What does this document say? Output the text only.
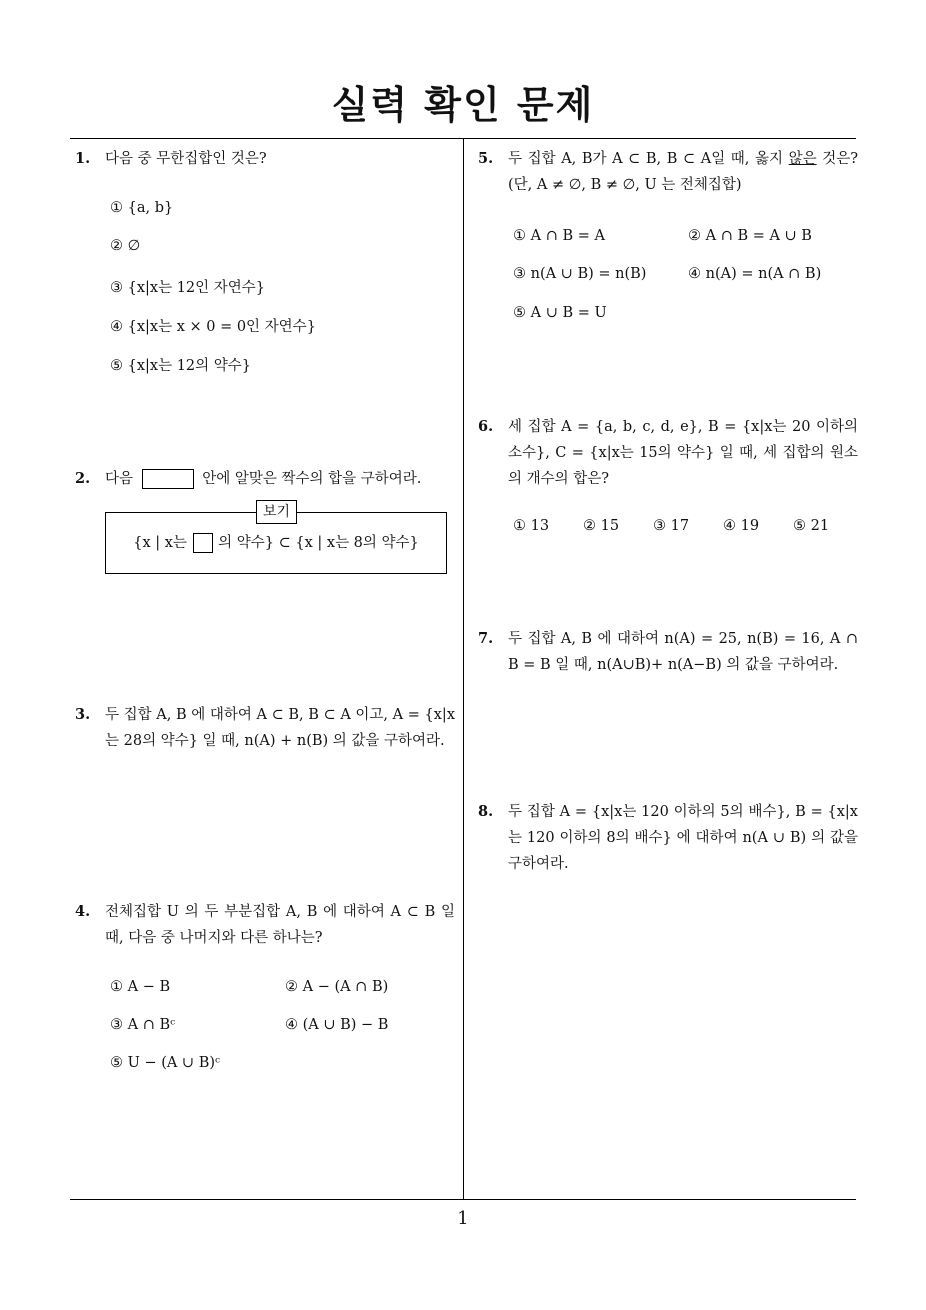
실력 확인 문제
1. 다음 중 무한집합인 것은?
① {a, b}
② ∅
③ {x|x는 12인 자연수}
④ {x|x는 x × 0 = 0인 자연수}
⑤ {x|x는 12의 약수}
2. 다음	안에 알맞은 짝수의 합을 구하여라.
보기
{x | x는 의 약수} ⊂ {x | x는 8의 약수}
3. 두 집합 A, B 에 대하여 A ⊂ B, B ⊂ A 이고, A = {x|x는 28의 약수} 일 때, n(A) + n(B) 의 값을 구하여라.
4. 전체집합 U 의 두 부분집합 A, B 에 대하여 A ⊂ B 일 때, 다음 중 나머지와 다른 하나는?
① A − B	② A − (A ∩ B)
③ A ∩ Bᶜ	④ (A ∪ B) − B
⑤ U − (A ∪ B)ᶜ
5. 두 집합 A, B가 A ⊂ B, B ⊂ A일 때, 옳지 않은 것은? (단, A ≠ ∅, B ≠ ∅, U 는 전체집합)
① A ∩ B = A	② A ∩ B = A ∪ B
③ n(A ∪ B) = n(B)	④ n(A) = n(A ∩ B)
⑤ A ∪ B = U
6. 세 집합 A = {a, b, c, d, e}, B = {x|x는 20 이하의 소수}, C = {x|x는 15의 약수} 일 때, 세 집합의 원소의 개수의 합은?
① 13 ② 15 ③ 17 ④ 19 ⑤ 21
7. 두 집합 A, B 에 대하여 n(A) = 25, n(B) = 16, A ∩ B = B 일 때, n(A∪B)+ n(A−B) 의 값을 구하여라.
8. 두 집합 A = {x|x는 120 이하의 5의 배수}, B = {x|x는 120 이하의 8의 배수} 에 대하여 n(A ∪ B) 의 값을 구하여라.
1
